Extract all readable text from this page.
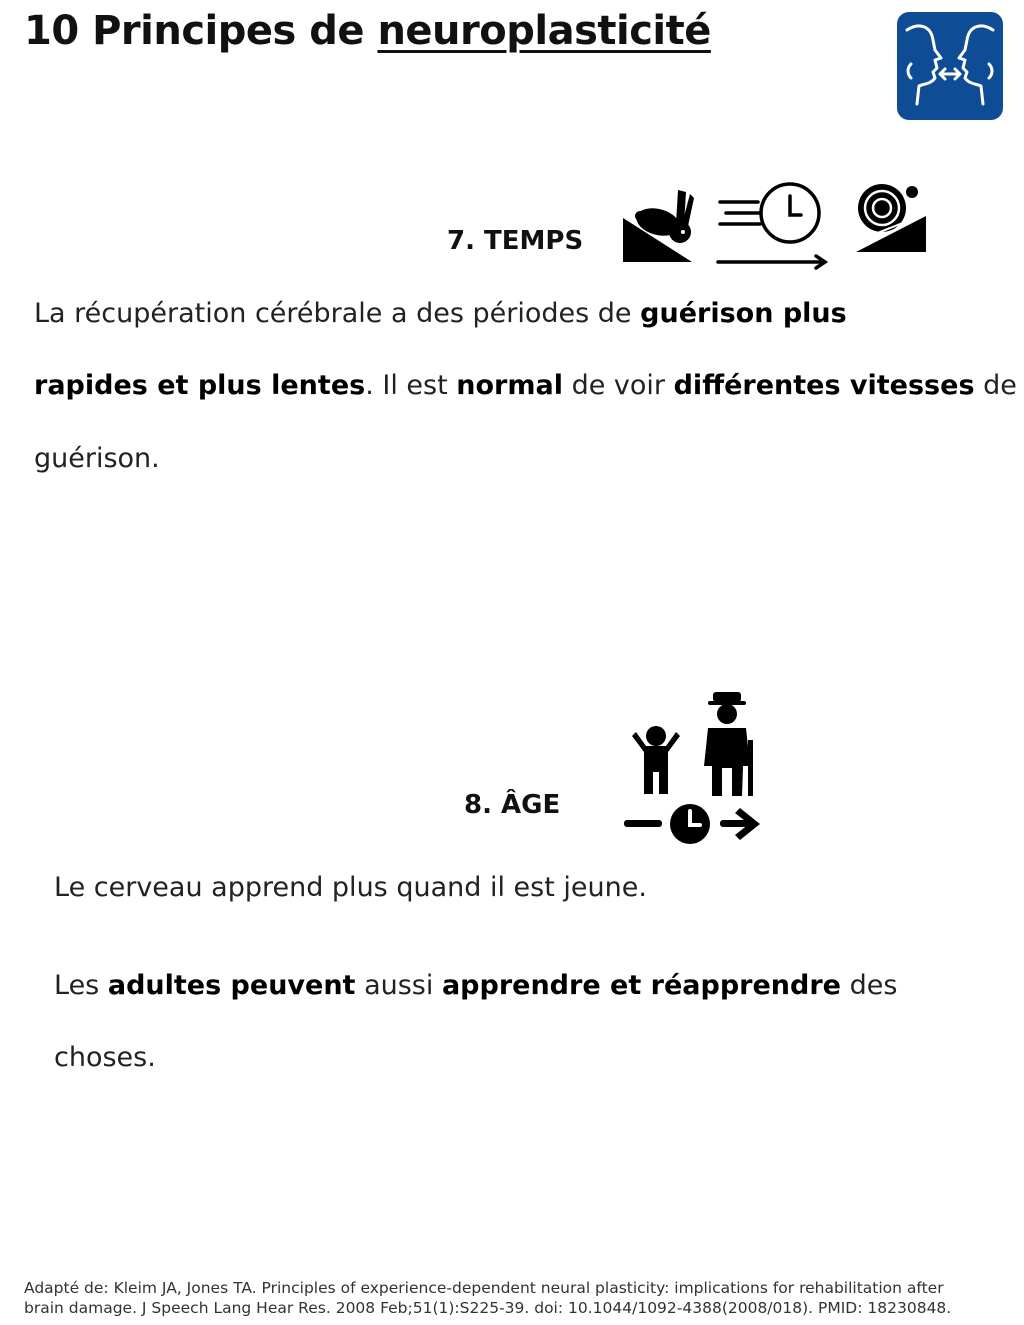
10 Principes de neuroplasticité
7. TEMPS
La récupération cérébrale a des périodes de guérison plus
rapides et plus lentes. Il est normal de voir différentes vitesses de
guérison.
8. ÂGE
Le cerveau apprend plus quand il est jeune.
Les adultes peuvent aussi apprendre et réapprendre des
choses.
Adapté de: Kleim JA, Jones TA. Principles of experience-dependent neural plasticity: implications for rehabilitation after
brain damage. J Speech Lang Hear Res. 2008 Feb;51(1):S225-39. doi: 10.1044/1092-4388(2008/018). PMID: 18230848.
